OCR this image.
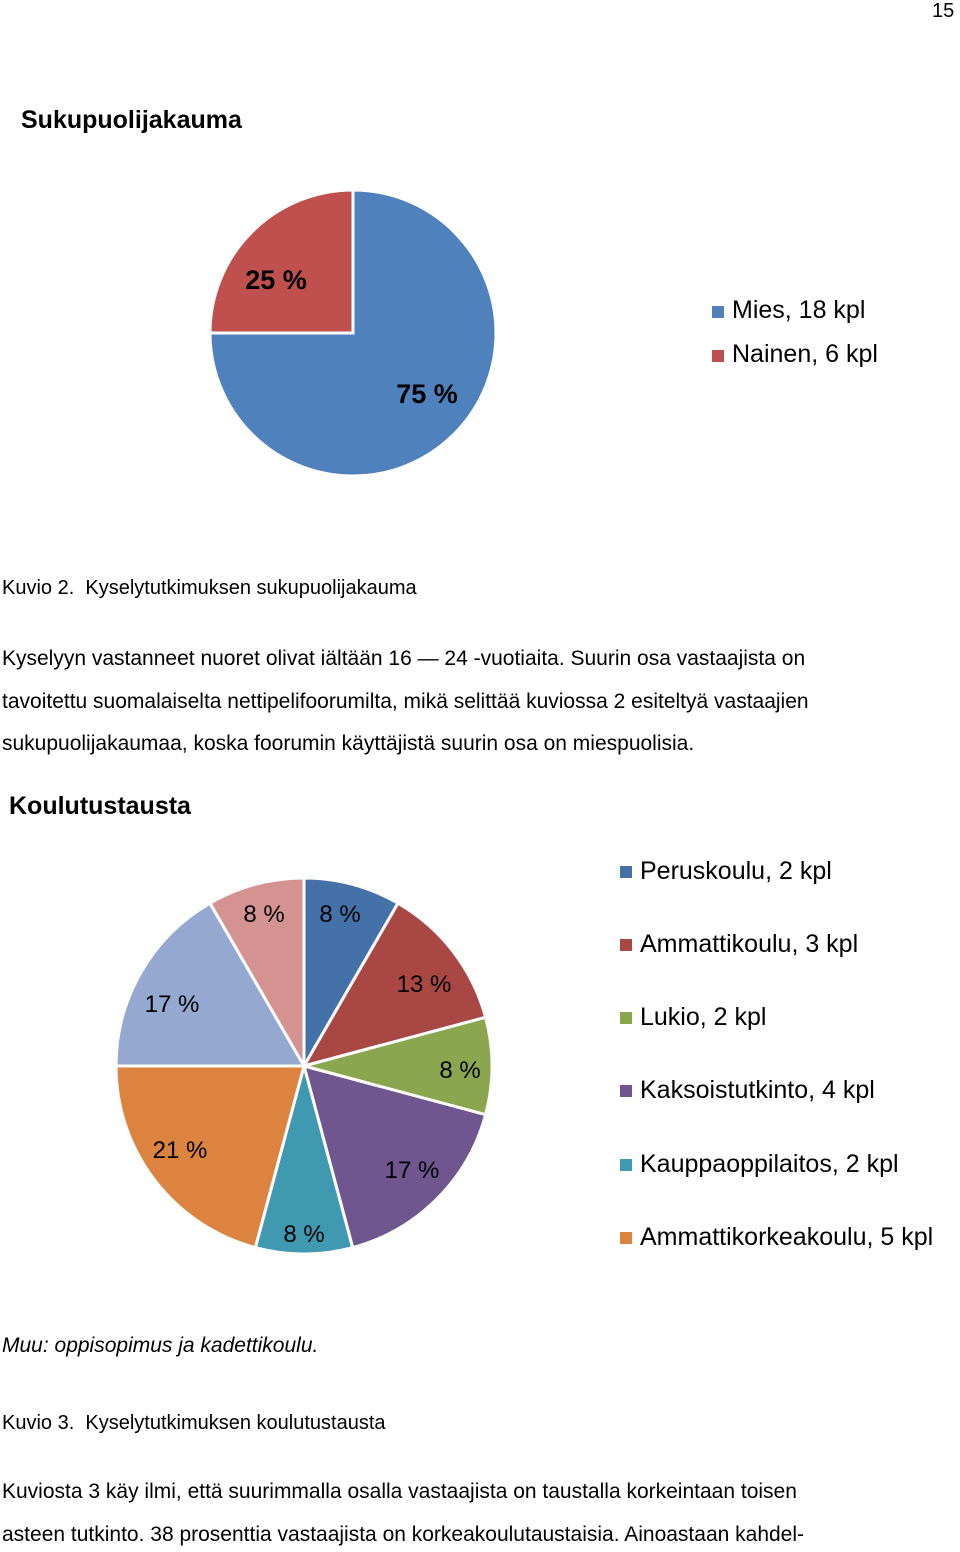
15
Sukupuolijakauma
75 %
25 %
Mies, 18 kpl
Nainen, 6 kpl
Kuvio 2.  Kyselytutkimuksen sukupuolijakauma
Kyselyyn vastanneet nuoret olivat iältään 16 — 24 -vuotiaita. Suurin osa vastaajista on
tavoitettu suomalaiselta nettipelifoorumilta, mikä selittää kuviossa 2 esiteltyä vastaajien
sukupuolijakaumaa, koska foorumin käyttäjistä suurin osa on miespuolisia.
Koulutustausta
8 %
13 %
8 %
17 %
8 %
21 %
17 %
8 %
Peruskoulu, 2 kpl
Ammattikoulu, 3 kpl
Lukio, 2 kpl
Kaksoistutkinto, 4 kpl
Kauppaoppilaitos, 2 kpl
Ammattikorkeakoulu, 5 kpl
Muu: oppisopimus ja kadettikoulu.
Kuvio 3.  Kyselytutkimuksen koulutustausta
Kuviosta 3 käy ilmi, että suurimmalla osalla vastaajista on taustalla korkeintaan toisen
asteen tutkinto. 38 prosenttia vastaajista on korkeakoulutaustaisia. Ainoastaan kahdel-
